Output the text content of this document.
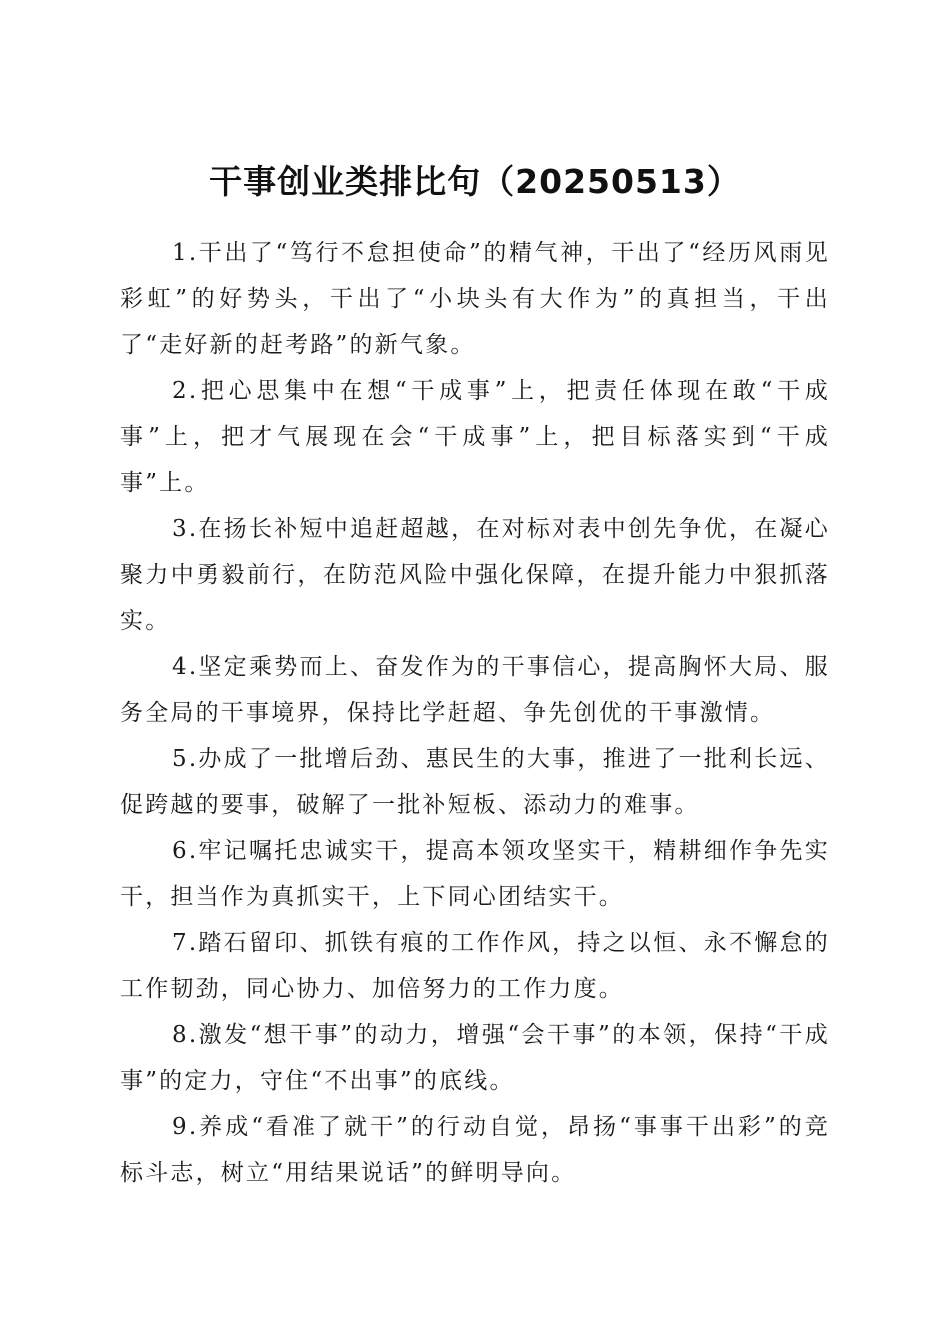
干事创业类排比句（20250513）

1.干出了“笃行不怠担使命”的精气神，干出了“经历风雨见彩虹”的好势头，干出了“小块头有大作为”的真担当，干出了“走好新的赶考路”的新气象。

2.把心思集中在想“干成事”上，把责任体现在敢“干成事”上，把才气展现在会“干成事”上，把目标落实到“干成事”上。

3.在扬长补短中追赶超越，在对标对表中创先争优，在凝心聚力中勇毅前行，在防范风险中强化保障，在提升能力中狠抓落实。

4.坚定乘势而上、奋发作为的干事信心，提高胸怀大局、服务全局的干事境界，保持比学赶超、争先创优的干事激情。

5.办成了一批增后劲、惠民生的大事，推进了一批利长远、促跨越的要事，破解了一批补短板、添动力的难事。

6.牢记嘱托忠诚实干，提高本领攻坚实干，精耕细作争先实干，担当作为真抓实干，上下同心团结实干。

7.踏石留印、抓铁有痕的工作作风，持之以恒、永不懈怠的工作韧劲，同心协力、加倍努力的工作力度。

8.激发“想干事”的动力，增强“会干事”的本领，保持“干成事”的定力，守住“不出事”的底线。

9.养成“看准了就干”的行动自觉，昂扬“事事干出彩”的竞标斗志，树立“用结果说话”的鲜明导向。
